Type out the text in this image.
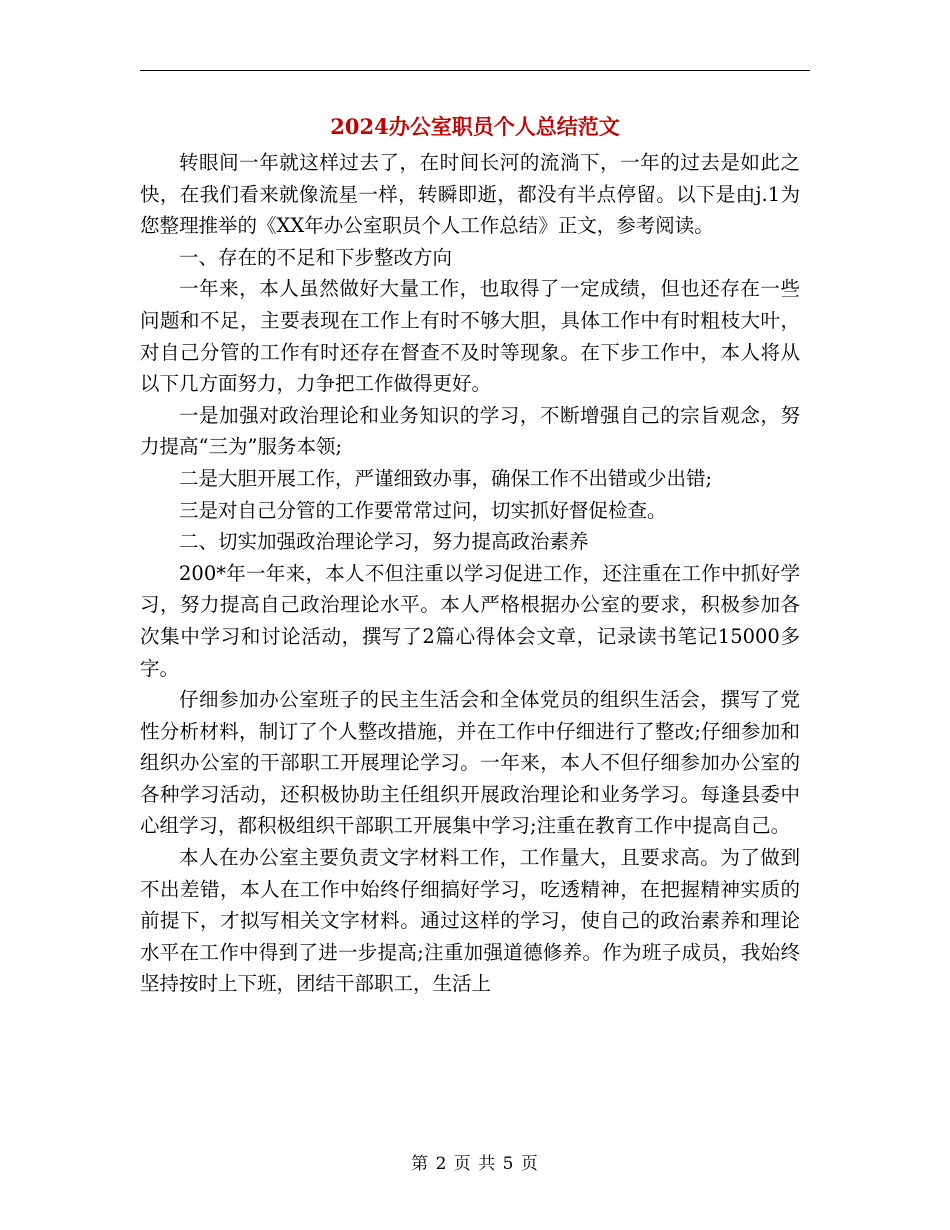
2024办公室职员个人总结范文

转眼间一年就这样过去了，在时间长河的流淌下，一年的过去是如此之快，在我们看来就像流星一样，转瞬即逝，都没有半点停留。以下是由j.1为您整理推举的《XX年办公室职员个人工作总结》正文，参考阅读。

一、存在的不足和下步整改方向

一年来，本人虽然做好大量工作，也取得了一定成绩，但也还存在一些问题和不足，主要表现在工作上有时不够大胆，具体工作中有时粗枝大叶，对自己分管的工作有时还存在督查不及时等现象。在下步工作中，本人将从以下几方面努力，力争把工作做得更好。

一是加强对政治理论和业务知识的学习，不断增强自己的宗旨观念，努力提高“三为”服务本领;

二是大胆开展工作，严谨细致办事，确保工作不出错或少出错;

三是对自己分管的工作要常常过问，切实抓好督促检查。

二、切实加强政治理论学习，努力提高政治素养

200*年一年来，本人不但注重以学习促进工作，还注重在工作中抓好学习，努力提高自己政治理论水平。本人严格根据办公室的要求，积极参加各次集中学习和讨论活动，撰写了2篇心得体会文章，记录读书笔记15000多字。

仔细参加办公室班子的民主生活会和全体党员的组织生活会，撰写了党性分析材料，制订了个人整改措施，并在工作中仔细进行了整改;仔细参加和组织办公室的干部职工开展理论学习。一年来，本人不但仔细参加办公室的各种学习活动，还积极协助主任组织开展政治理论和业务学习。每逢县委中心组学习，都积极组织干部职工开展集中学习;注重在教育工作中提高自己。

本人在办公室主要负责文字材料工作，工作量大，且要求高。为了做到不出差错，本人在工作中始终仔细搞好学习，吃透精神，在把握精神实质的前提下，才拟写相关文字材料。通过这样的学习，使自己的政治素养和理论水平在工作中得到了进一步提高;注重加强道德修养。作为班子成员，我始终坚持按时上下班，团结干部职工，生活上

第 2 页 共 5 页
